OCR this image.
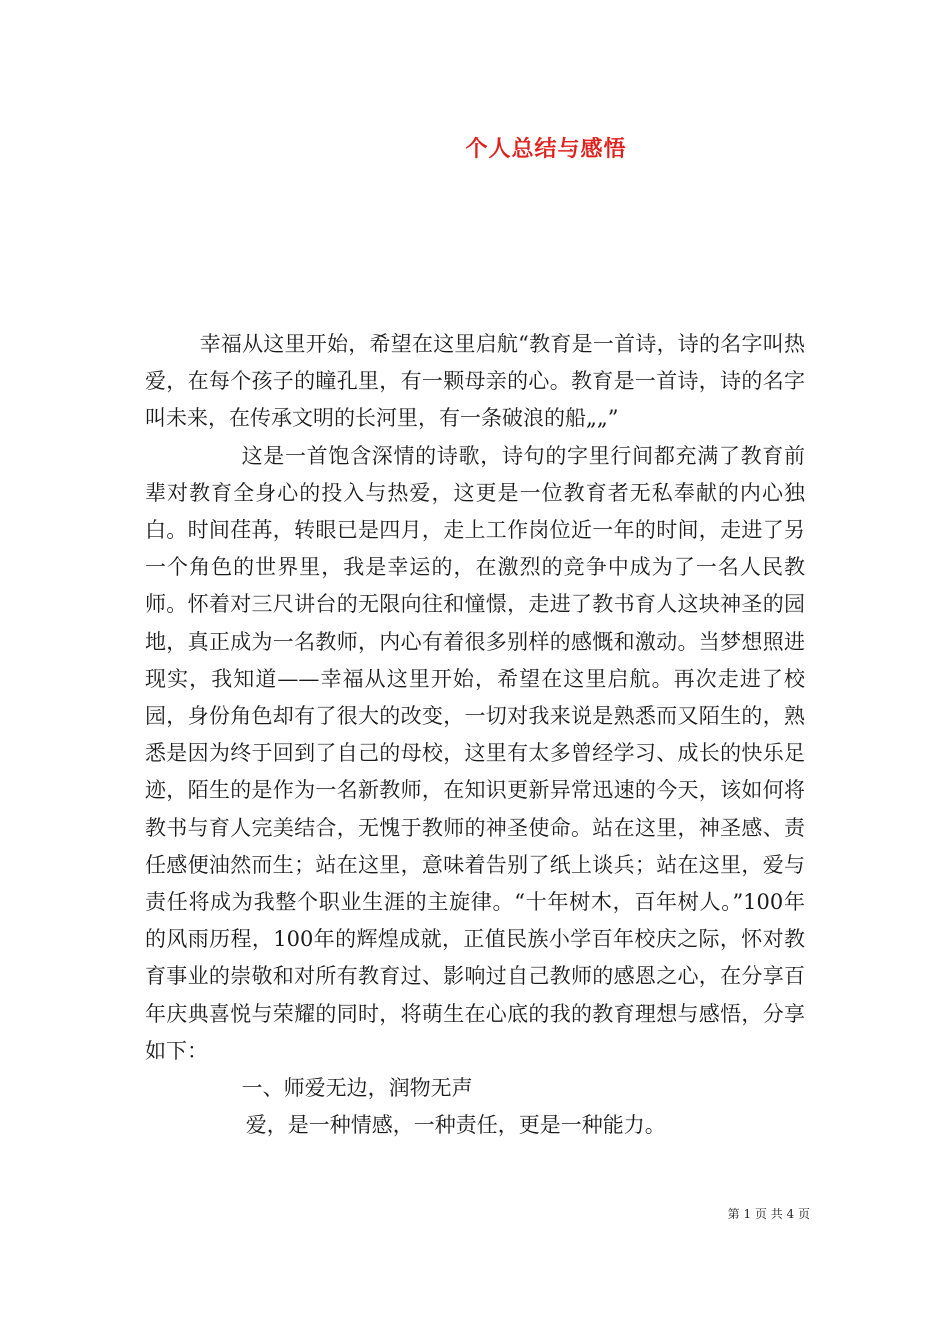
个人总结与感悟

幸福从这里开始，希望在这里启航“教育是一首诗，诗的名字叫热爱，在每个孩子的瞳孔里，有一颗母亲的心。教育是一首诗，诗的名字叫未来，在传承文明的长河里，有一条破浪的船„„”

这是一首饱含深情的诗歌，诗句的字里行间都充满了教育前辈对教育全身心的投入与热爱，这更是一位教育者无私奉献的内心独白。时间荏苒，转眼已是四月，走上工作岗位近一年的时间，走进了另一个角色的世界里，我是幸运的，在激烈的竞争中成为了一名人民教师。怀着对三尺讲台的无限向往和憧憬，走进了教书育人这块神圣的园地，真正成为一名教师，内心有着很多别样的感慨和激动。当梦想照进现实，我知道——幸福从这里开始，希望在这里启航。再次走进了校园，身份角色却有了很大的改变，一切对我来说是熟悉而又陌生的，熟悉是因为终于回到了自己的母校，这里有太多曾经学习、成长的快乐足迹，陌生的是作为一名新教师，在知识更新异常迅速的今天，该如何将教书与育人完美结合，无愧于教师的神圣使命。站在这里，神圣感、责任感便油然而生；站在这里，意味着告别了纸上谈兵；站在这里，爱与责任将成为我整个职业生涯的主旋律。“十年树木，百年树人。”100年的风雨历程，100年的辉煌成就，正值民族小学百年校庆之际，怀对教育事业的崇敬和对所有教育过、影响过自己教师的感恩之心，在分享百年庆典喜悦与荣耀的同时，将萌生在心底的我的教育理想与感悟，分享如下：

一、师爱无边，润物无声

爱，是一种情感，一种责任，更是一种能力。

第 1 页 共 4 页
